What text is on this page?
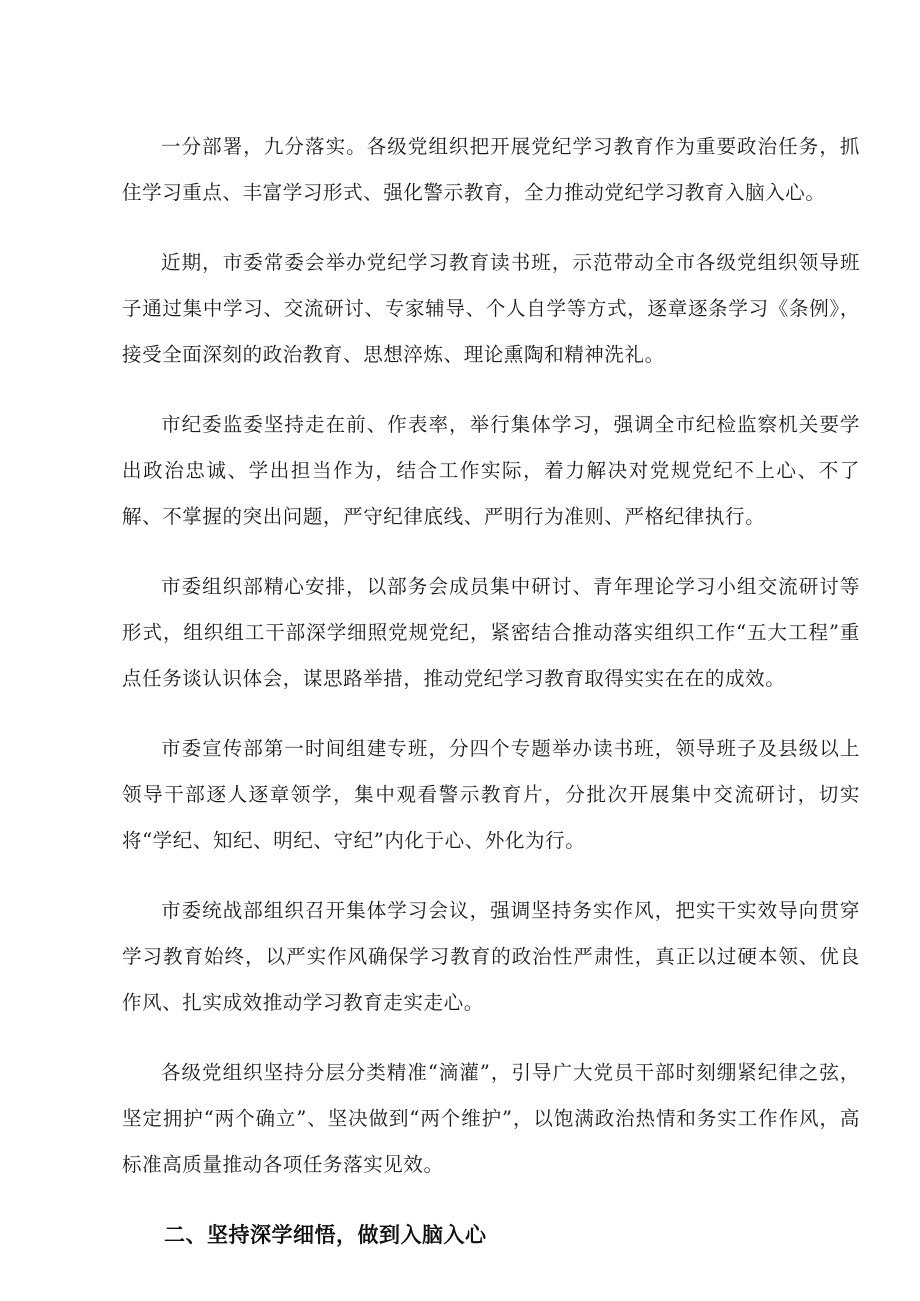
一分部署，九分落实。各级党组织把开展党纪学习教育作为重要政治任务，抓住学习重点、丰富学习形式、强化警示教育，全力推动党纪学习教育入脑入心。

近期，市委常委会举办党纪学习教育读书班，示范带动全市各级党组织领导班子通过集中学习、交流研讨、专家辅导、个人自学等方式，逐章逐条学习《条例》，接受全面深刻的政治教育、思想淬炼、理论熏陶和精神洗礼。

市纪委监委坚持走在前、作表率，举行集体学习，强调全市纪检监察机关要学出政治忠诚、学出担当作为，结合工作实际，着力解决对党规党纪不上心、不了解、不掌握的突出问题，严守纪律底线、严明行为准则、严格纪律执行。

市委组织部精心安排，以部务会成员集中研讨、青年理论学习小组交流研讨等形式，组织组工干部深学细照党规党纪，紧密结合推动落实组织工作“五大工程”重点任务谈认识体会，谋思路举措，推动党纪学习教育取得实实在在的成效。

市委宣传部第一时间组建专班，分四个专题举办读书班，领导班子及县级以上领导干部逐人逐章领学，集中观看警示教育片，分批次开展集中交流研讨，切实将“学纪、知纪、明纪、守纪”内化于心、外化为行。

市委统战部组织召开集体学习会议，强调坚持务实作风，把实干实效导向贯穿学习教育始终，以严实作风确保学习教育的政治性严肃性，真正以过硬本领、优良作风、扎实成效推动学习教育走实走心。

各级党组织坚持分层分类精准“滴灌”，引导广大党员干部时刻绷紧纪律之弦，坚定拥护“两个确立”、坚决做到“两个维护”，以饱满政治热情和务实工作作风，高标准高质量推动各项任务落实见效。

二、坚持深学细悟，做到入脑入心
